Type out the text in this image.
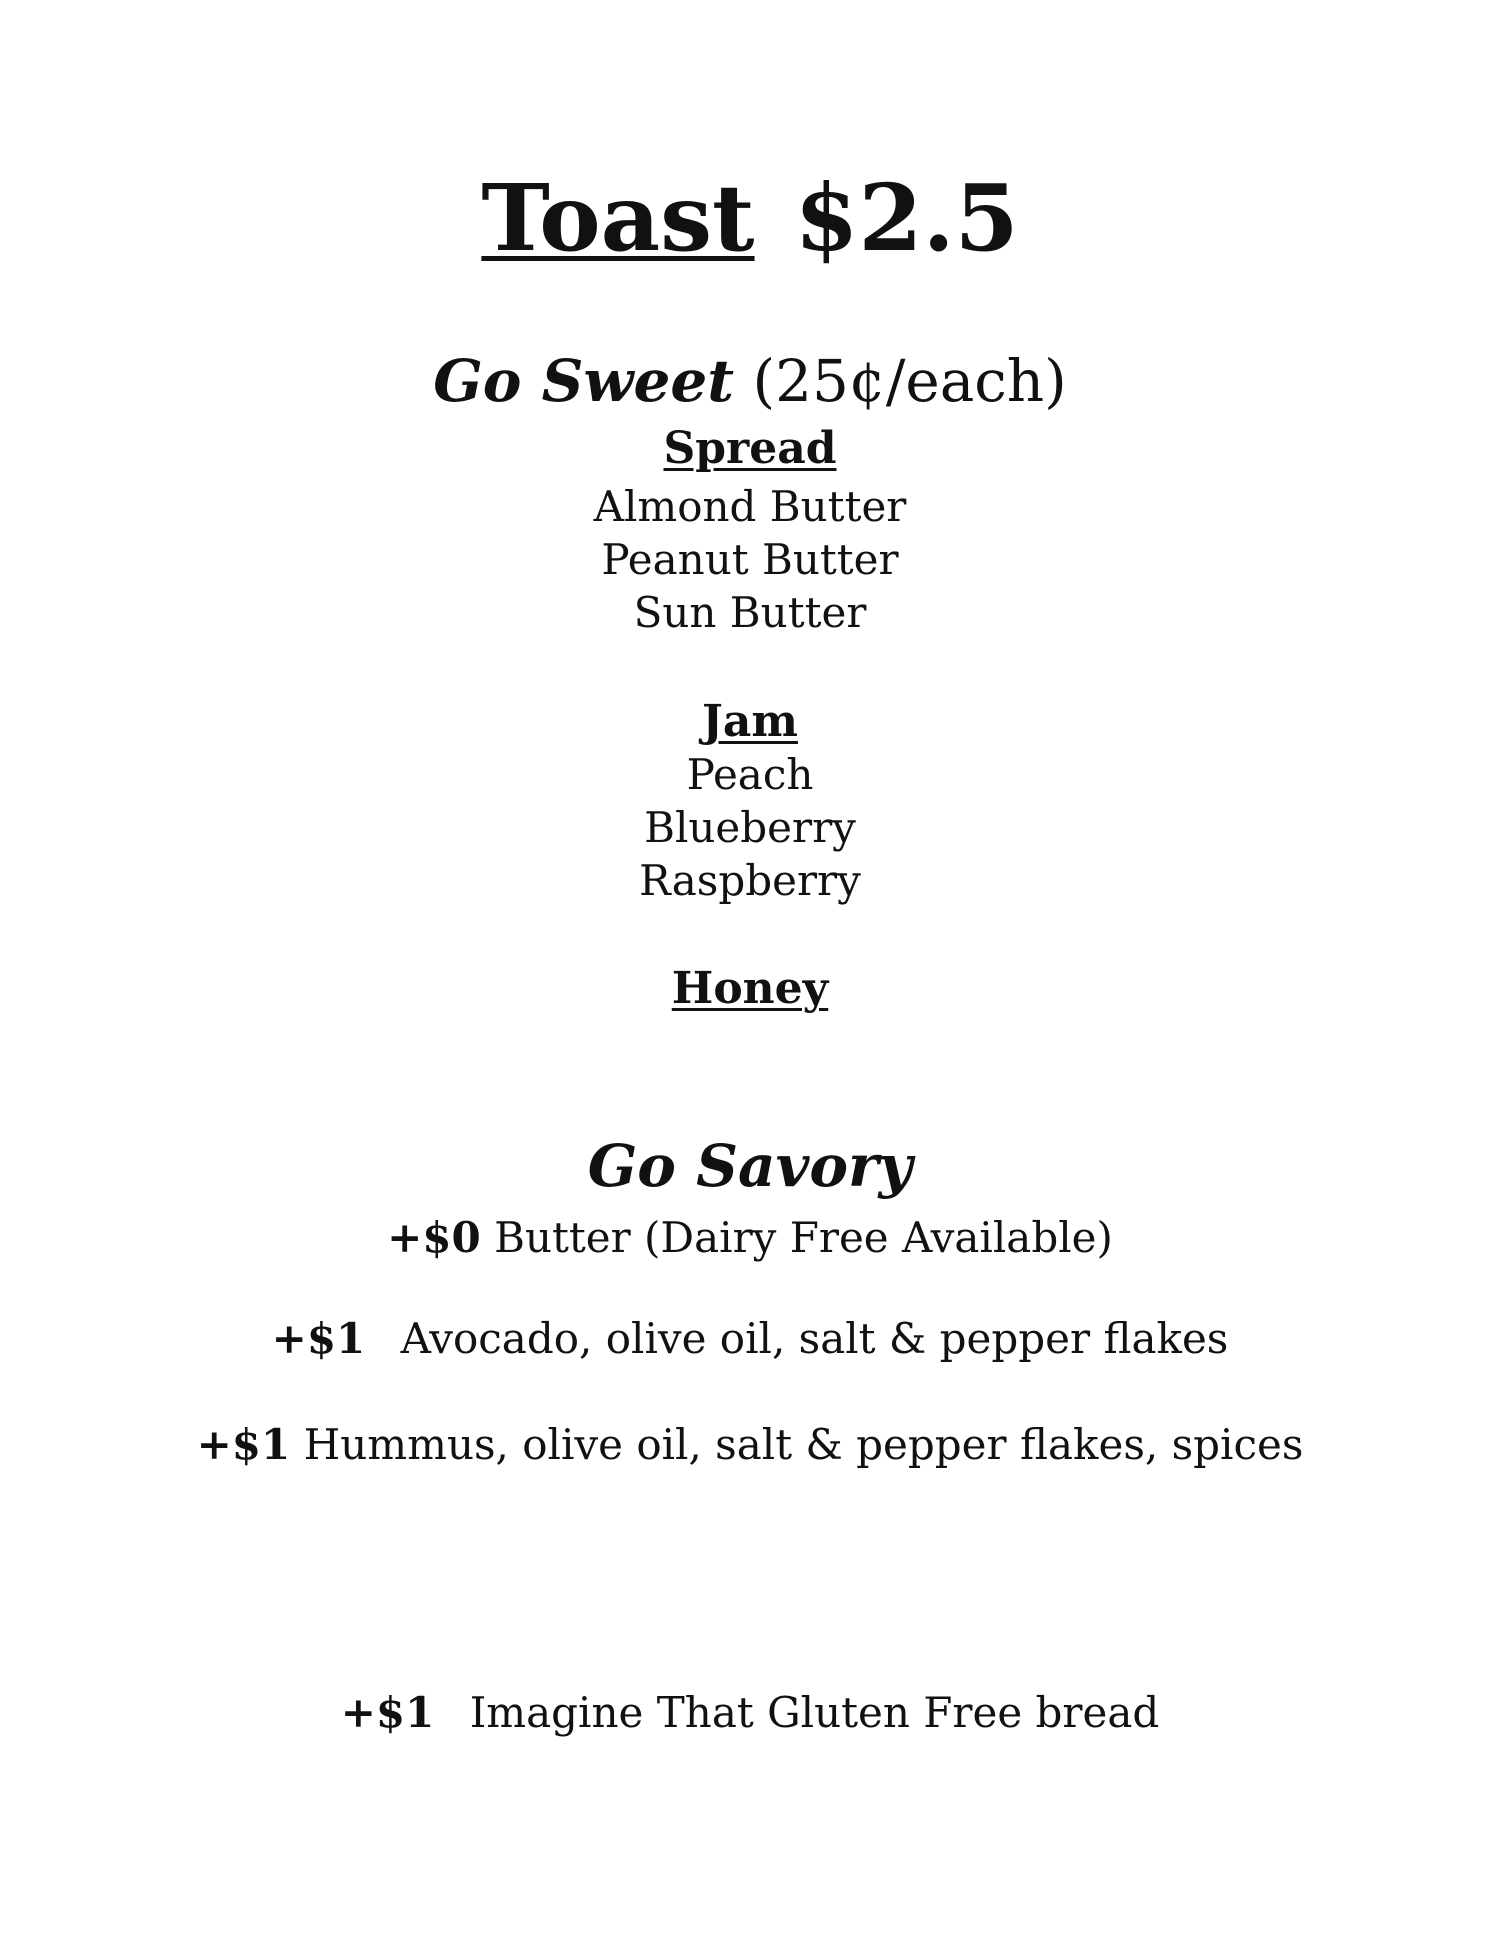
Toast $2.5
Go Sweet (25¢/each)
Spread
Almond Butter
Peanut Butter
Sun Butter
Jam
Peach
Blueberry
Raspberry
Honey
Go Savory
+$0 Butter (Dairy Free Available)
+$1 Avocado, olive oil, salt & pepper flakes
+$1 Hummus, olive oil, salt & pepper flakes, spices
+$1 Imagine That Gluten Free bread
